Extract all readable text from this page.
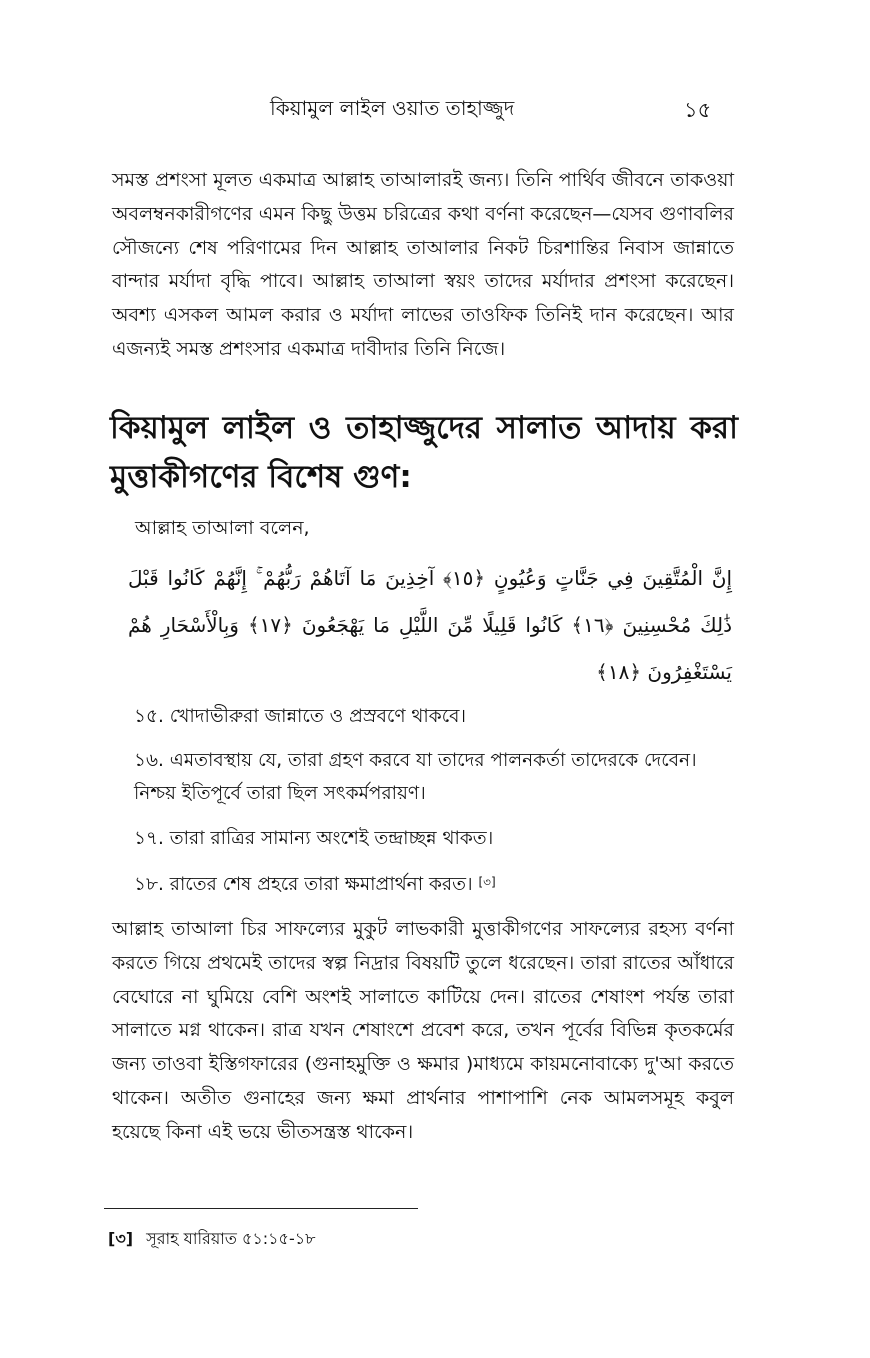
কিয়ামুল লাইল ওয়াত তাহাজ্জুদ	১৫

সমস্ত প্রশংসা মূলত একমাত্র আল্লাহ তাআলারই জন্য। তিনি পার্থিব জীবনে তাকওয়া অবলম্বনকারীগণের এমন কিছু উত্তম চরিত্রের কথা বর্ণনা করেছেন—যেসব গুণাবলির সৌজন্যে শেষ পরিণামের দিন আল্লাহ তাআলার নিকট চিরশান্তির নিবাস জান্নাতে বান্দার মর্যাদা বৃদ্ধি পাবে। আল্লাহ তাআলা স্বয়ং তাদের মর্যাদার প্রশংসা করেছেন। অবশ্য এসকল আমল করার ও মর্যাদা লাভের তাওফিক তিনিই দান করেছেন। আর এজন্যই সমস্ত প্রশংসার একমাত্র দাবীদার তিনি নিজে।

কিয়ামুল লাইল ও তাহাজ্জুদের সালাত আদায় করা মুত্তাকীগণের বিশেষ গুণ:
আল্লাহ তাআলা বলেন,
إِنَّ الْمُتَّقِينَ فِي جَنَّاتٍ وَعُيُونٍ ﴿١٥﴾ آخِذِينَ مَا آتَاهُمْ رَبُّهُمْ ۚ إِنَّهُمْ كَانُوا قَبْلَ ذَٰلِكَ مُحْسِنِينَ ﴿١٦﴾ كَانُوا قَلِيلًا مِّنَ اللَّيْلِ مَا يَهْجَعُونَ ﴿١٧﴾ وَبِالْأَسْحَارِ هُمْ يَسْتَغْفِرُونَ ﴿١٨﴾
১৫. খোদাভীরুরা জান্নাতে ও প্রস্রবণে থাকবে।
১৬. এমতাবস্থায় যে, তারা গ্রহণ করবে যা তাদের পালনকর্তা তাদেরকে দেবেন। নিশ্চয় ইতিপূর্বে তারা ছিল সৎকর্মপরায়ণ।
১৭. তারা রাত্রির সামান্য অংশেই তন্দ্রাচ্ছন্ন থাকত।
১৮. রাতের শেষ প্রহরে তারা ক্ষমাপ্রার্থনা করত। [৩]

আল্লাহ তাআলা চির সাফল্যের মুকুট লাভকারী মুত্তাকীগণের সাফল্যের রহস্য বর্ণনা করতে গিয়ে প্রথমেই তাদের স্বল্প নিদ্রার বিষয়টি তুলে ধরেছেন। তারা রাতের আঁধারে বেঘোরে না ঘুমিয়ে বেশি অংশই সালাতে কাটিয়ে দেন। রাতের শেষাংশ পর্যন্ত তারা সালাতে মগ্ন থাকেন। রাত্র যখন শেষাংশে প্রবেশ করে, তখন পূর্বের বিভিন্ন কৃতকর্মের জন্য তাওবা ইস্তিগফারের (গুনাহমুক্তি ও ক্ষমার )মাধ্যমে কায়মনোবাক্যে দু'আ করতে থাকেন। অতীত গুনাহের জন্য ক্ষমা প্রার্থনার পাশাপাশি নেক আমলসমূহ কবুল হয়েছে কিনা এই ভয়ে ভীতসন্ত্রস্ত থাকেন।

[৩] সূরাহ যারিয়াত ৫১:১৫-১৮
